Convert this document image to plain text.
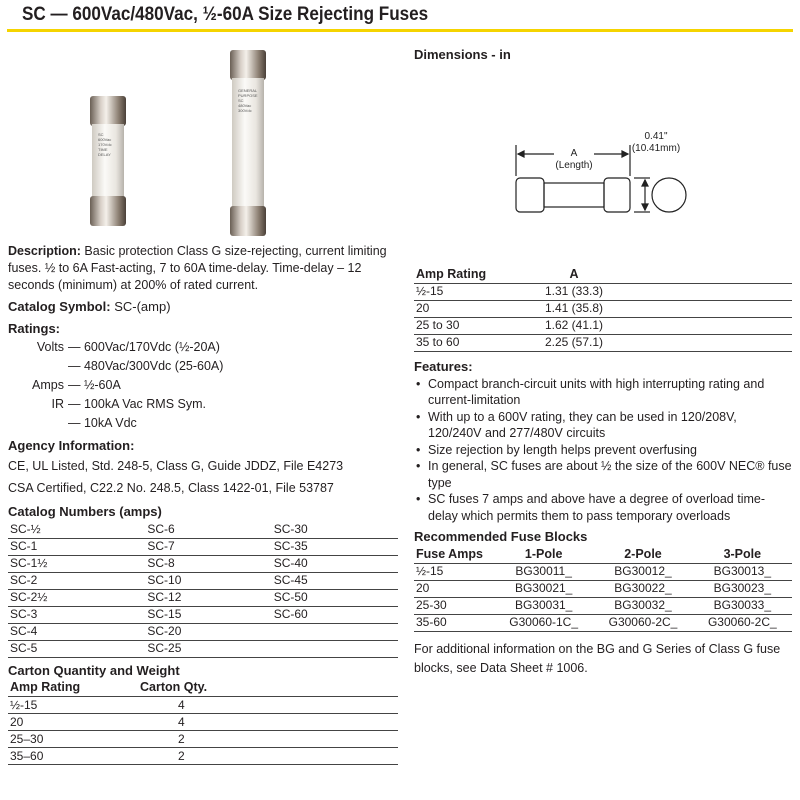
SC — 600Vac/480Vac, ½-60A Size Rejecting Fuses
SC
600Vac 170Vdc
TIME DELAY
GENERAL PURPOSE
SC
480Vac
300Vdc

Description: Basic protection Class G size-rejecting, current limiting fuses. ½ to 6A Fast-acting, 7 to 60A time-delay. Time-delay – 12 seconds (minimum) at 200% of rated current.

Catalog Symbol: SC-(amp)
Ratings:
Volts — 600Vac/170Vdc (½-20A)
— 480Vac/300Vdc (25-60A)
Amps — ½-60A
IR — 100kA Vac RMS Sym.
— 10kA Vdc
Agency Information:

CE, UL Listed, Std. 248-5, Class G, Guide JDDZ, File E4273

CSA Certified, C22.2 No. 248.5, Class 1422-01, File 53787

Catalog Numbers (amps)
SC-½	SC-6	SC-30
SC-1	SC-7	SC-35
SC-1½	SC-8	SC-40
SC-2	SC-10	SC-45
SC-2½	SC-12	SC-50
SC-3	SC-15	SC-60
SC-4	SC-20	
SC-5	SC-25	
Carton Quantity and Weight
Amp Rating	Carton Qty.	
½-15	4	
20	4	
25–30	2	
35–60	2	
Dimensions - in
A
(Length)
0.41"
(10.41mm)
Amp Rating	A	
½-15	1.31 (33.3)	
20	1.41 (35.8)	
25 to 30	1.62 (41.1)	
35 to 60	2.25 (57.1)	
Features:
• Compact branch-circuit units with high interrupting rating and current-limitation
• With up to a 600V rating, they can be used in 120/208V, 120/240V and 277/480V circuits
• Size rejection by length helps prevent overfusing
• In general, SC fuses are about ½ the size of the 600V NEC® fuse type
• SC fuses 7 amps and above have a degree of overload time-delay which permits them to pass temporary overloads
Recommended Fuse Blocks
Fuse Amps	1-Pole	2-Pole	3-Pole
½-15	BG30011_	BG30012_	BG30013_
20	BG30021_	BG30022_	BG30023_
25-30	BG30031_	BG30032_	BG30033_
35-60	G30060-1C_	G30060-2C_	G30060-2C_

For additional information on the BG and G Series of Class G fuse blocks, see Data Sheet # 1006.
